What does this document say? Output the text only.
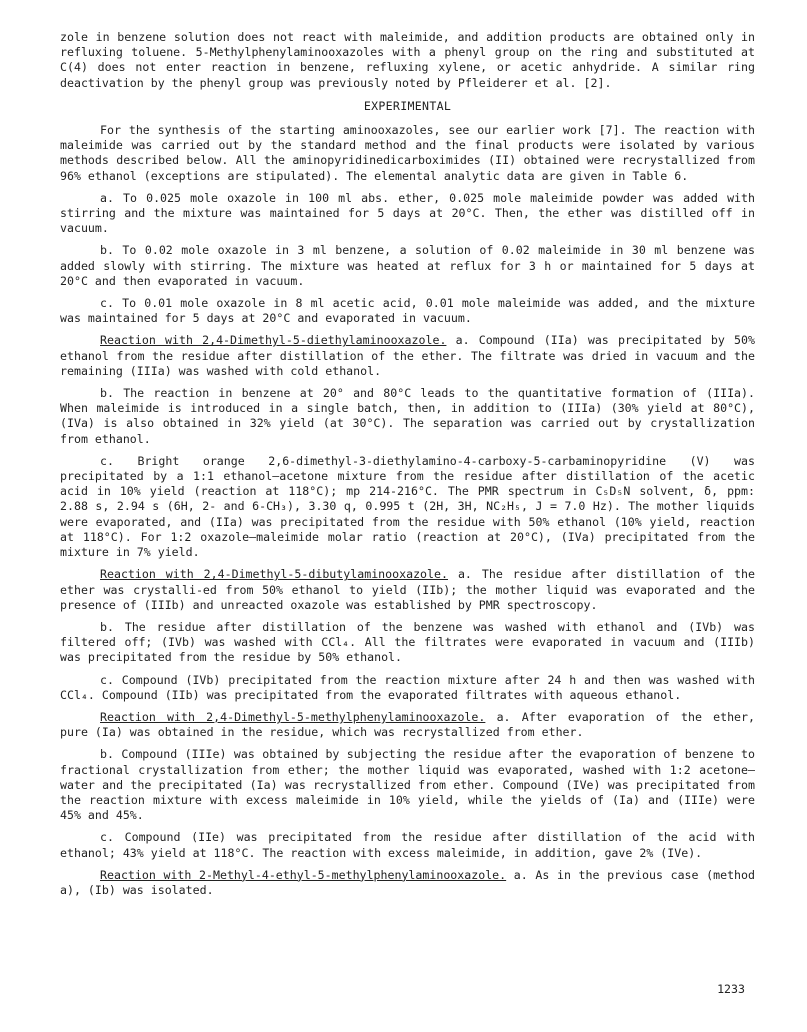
zole in benzene solution does not react with maleimide, and addition products are obtained only in refluxing toluene. 5-Methylphenylaminooxazoles with a phenyl group on the ring and substituted at C(4) does not enter reaction in benzene, refluxing xylene, or acetic anhydride. A similar ring deactivation by the phenyl group was previously noted by Pfleiderer et al. [2].

EXPERIMENTAL

For the synthesis of the starting aminooxazoles, see our earlier work [7]. The reaction with maleimide was carried out by the standard method and the final products were isolated by various methods described below. All the aminopyridinedicarboximides (II) obtained were recrystallized from 96% ethanol (exceptions are stipulated). The elemental analytic data are given in Table 6.

a. To 0.025 mole oxazole in 100 ml abs. ether, 0.025 mole maleimide powder was added with stirring and the mixture was maintained for 5 days at 20°C. Then, the ether was distilled off in vacuum.

b. To 0.02 mole oxazole in 3 ml benzene, a solution of 0.02 maleimide in 30 ml benzene was added slowly with stirring. The mixture was heated at reflux for 3 h or maintained for 5 days at 20°C and then evaporated in vacuum.

c. To 0.01 mole oxazole in 8 ml acetic acid, 0.01 mole maleimide was added, and the mixture was maintained for 5 days at 20°C and evaporated in vacuum.

Reaction with 2,4-Dimethyl-5-diethylaminooxazole. a. Compound (IIa) was precipitated by 50% ethanol from the residue after distillation of the ether. The filtrate was dried in vacuum and the remaining (IIIa) was washed with cold ethanol.

b. The reaction in benzene at 20° and 80°C leads to the quantitative formation of (IIIa). When maleimide is introduced in a single batch, then, in addition to (IIIa) (30% yield at 80°C), (IVa) is also obtained in 32% yield (at 30°C). The separation was carried out by crystallization from ethanol.

c. Bright orange 2,6-dimethyl-3-diethylamino-4-carboxy-5-carbaminopyridine (V) was precipitated by a 1:1 ethanol—acetone mixture from the residue after distillation of the acetic acid in 10% yield (reaction at 118°C); mp 214-216°C. The PMR spectrum in C₅D₅N solvent, δ, ppm: 2.88 s, 2.94 s (6H, 2- and 6-CH₃), 3.30 q, 0.995 t (2H, 3H, NC₂H₅, J = 7.0 Hz). The mother liquids were evaporated, and (IIa) was precipitated from the residue with 50% ethanol (10% yield, reaction at 118°C). For 1:2 oxazole—maleimide molar ratio (reaction at 20°C), (IVa) precipitated from the mixture in 7% yield.

Reaction with 2,4-Dimethyl-5-dibutylaminooxazole. a. The residue after distillation of the ether was crystalli-ed from 50% ethanol to yield (IIb); the mother liquid was evaporated and the presence of (IIIb) and unreacted oxazole was established by PMR spectroscopy.

b. The residue after distillation of the benzene was washed with ethanol and (IVb) was filtered off; (IVb) was washed with CCl₄. All the filtrates were evaporated in vacuum and (IIIb) was precipitated from the residue by 50% ethanol.

c. Compound (IVb) precipitated from the reaction mixture after 24 h and then was washed with CCl₄. Compound (IIb) was precipitated from the evaporated filtrates with aqueous ethanol.

Reaction with 2,4-Dimethyl-5-methylphenylaminooxazole. a. After evaporation of the ether, pure (Ia) was obtained in the residue, which was recrystallized from ether.

b. Compound (IIIe) was obtained by subjecting the residue after the evaporation of benzene to fractional crystallization from ether; the mother liquid was evaporated, washed with 1:2 acetone—water and the precipitated (Ia) was recrystallized from ether. Compound (IVe) was precipitated from the reaction mixture with excess maleimide in 10% yield, while the yields of (Ia) and (IIIe) were 45% and 45%.

c. Compound (IIe) was precipitated from the residue after distillation of the acid with ethanol; 43% yield at 118°C. The reaction with excess maleimide, in addition, gave 2% (IVe).

Reaction with 2-Methyl-4-ethyl-5-methylphenylaminooxazole. a. As in the previous case (method a), (Ib) was isolated.

1233
